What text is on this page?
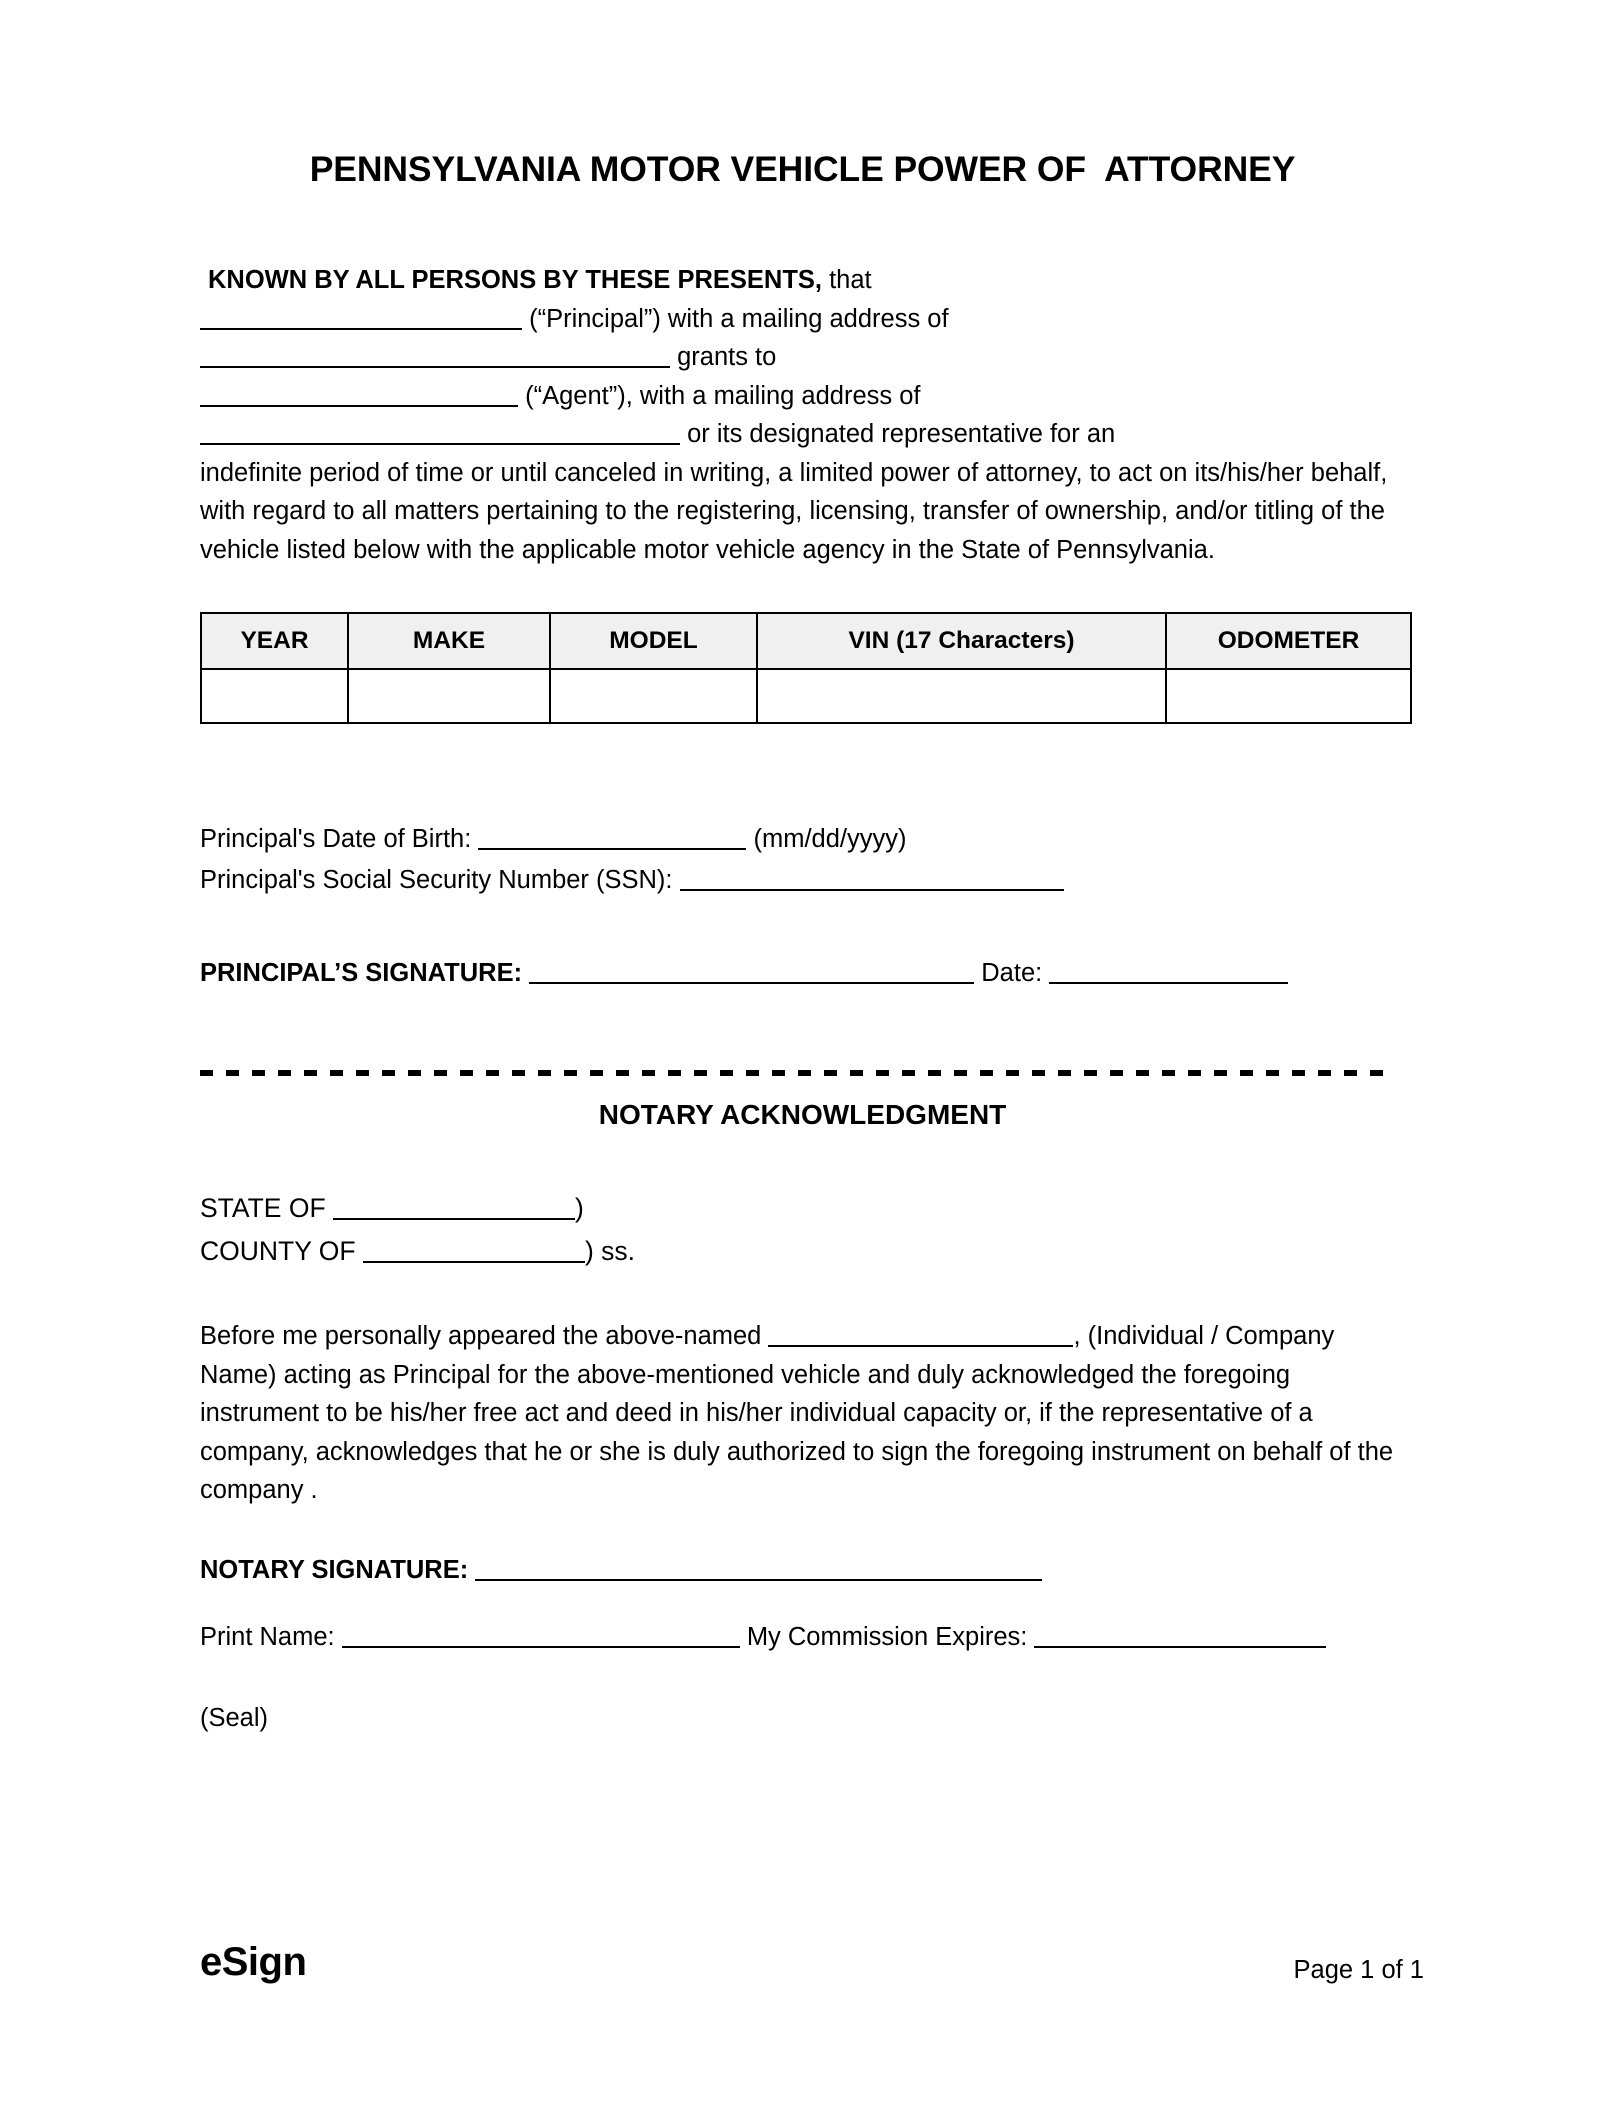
PENNSYLVANIA MOTOR VEHICLE POWER OF  ATTORNEY
KNOWN BY ALL PERSONS BY THESE PRESENTS, that
(“Principal”) with a mailing address of
grants to
(“Agent”), with a mailing address of
or its designated representative for an
indefinite period of time or until canceled in writing, a limited power of attorney, to act on its/his/her behalf, with regard to all matters pertaining to the registering, licensing, transfer of ownership, and/or titling of the vehicle listed below with the applicable motor vehicle agency in the State of Pennsylvania.
YEAR	MAKE	MODEL	VIN (17 Characters)	ODOMETER

Principal's Date of Birth:	(mm/dd/yyyy)
Principal's Social Security Number (SSN):
PRINCIPAL’S SIGNATURE:	Date:
NOTARY ACKNOWLEDGMENT
STATE OF	)
COUNTY OF	) ss.
Before me personally appeared the above-named	, (Individual / Company Name) acting as Principal for the above-mentioned vehicle and duly acknowledged the foregoing instrument to be his/her free act and deed in his/her individual capacity or, if the representative of a company, acknowledges that he or she is duly authorized to sign the foregoing instrument on behalf of the company .
NOTARY SIGNATURE:
Print Name:	My Commission Expires:
(Seal)
eSign	Page 1 of 1
